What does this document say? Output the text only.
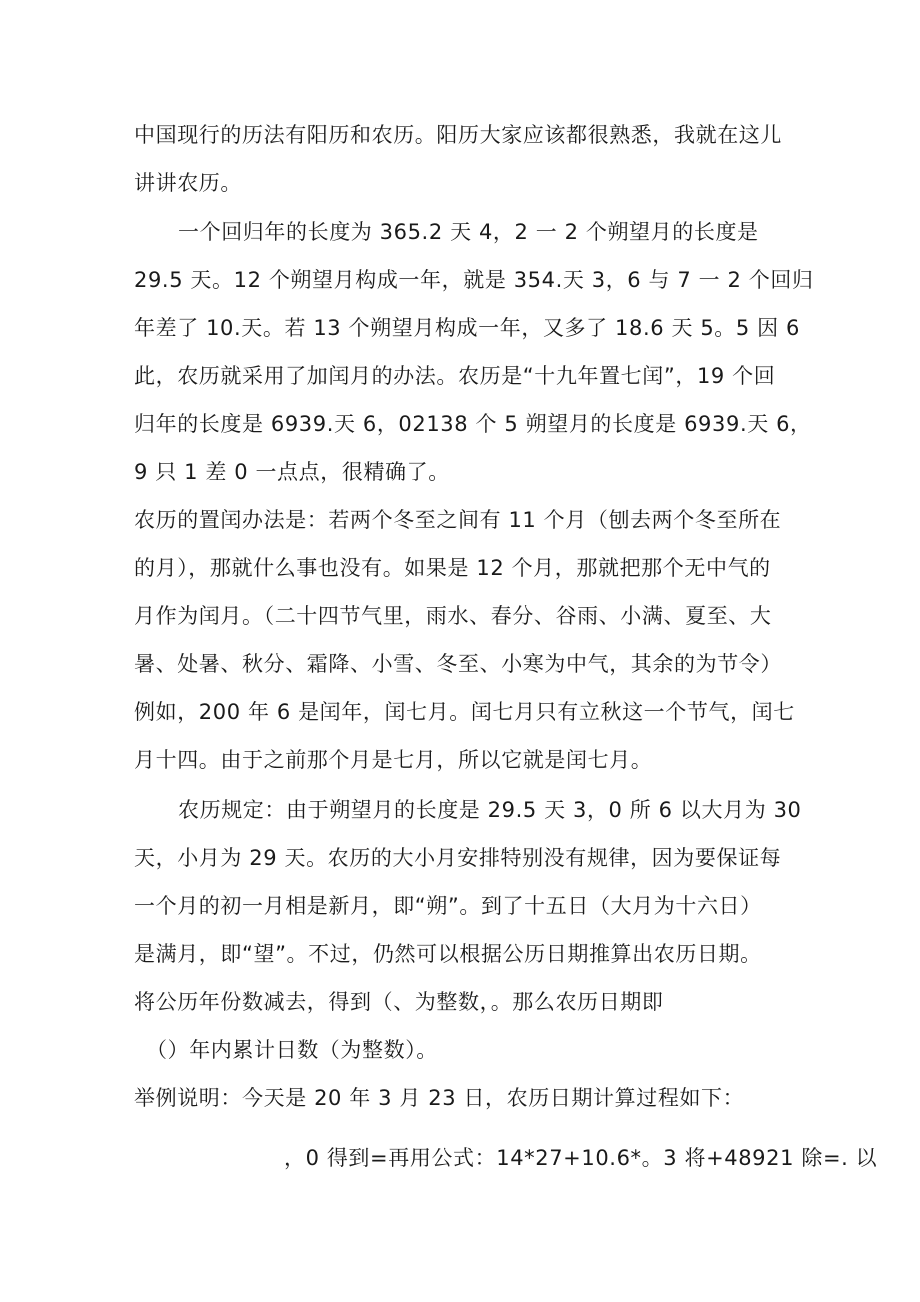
中国现行的历法有阳历和农历。阳历大家应该都很熟悉，我就在这儿
讲讲农历。
一个回归年的长度为 365.2 天 4，2 一 2 个朔望月的长度是
29.5 天。12 个朔望月构成一年，就是 354.天 3，6 与 7 一 2 个回归
年差了 10.天。若 13 个朔望月构成一年，又多了 18.6 天 5。5 因 6
此，农历就采用了加闰月的办法。农历是“十九年置七闰”，19 个回
归年的长度是 6939.天 6，02138 个 5 朔望月的长度是 6939.天 6，
9 只 1 差 0 一点点，很精确了。
农历的置闰办法是：若两个冬至之间有 11 个月（刨去两个冬至所在
的月），那就什么事也没有。如果是 12 个月，那就把那个无中气的
月作为闰月。（二十四节气里，雨水、春分、谷雨、小满、夏至、大
暑、处暑、秋分、霜降、小雪、冬至、小寒为中气，其余的为节令）
例如，200 年 6 是闰年，闰七月。闰七月只有立秋这一个节气，闰七
月十四。由于之前那个月是七月，所以它就是闰七月。
农历规定：由于朔望月的长度是 29.5 天 3，0 所 6 以大月为 30
天，小月为 29 天。农历的大小月安排特别没有规律，因为要保证每
一个月的初一月相是新月，即“朔”。到了十五日（大月为十六日）
是满月，即“望”。不过，仍然可以根据公历日期推算出农历日期。
将公历年份数减去，得到（、为整数，。那么农历日期即
（）年内累计日数（为整数）。
举例说明：今天是 20 年 3 月 23 日，农历日期计算过程如下：
，0 得到=再用公式：14*27+10.6*。3 将+48921 除=. 以
